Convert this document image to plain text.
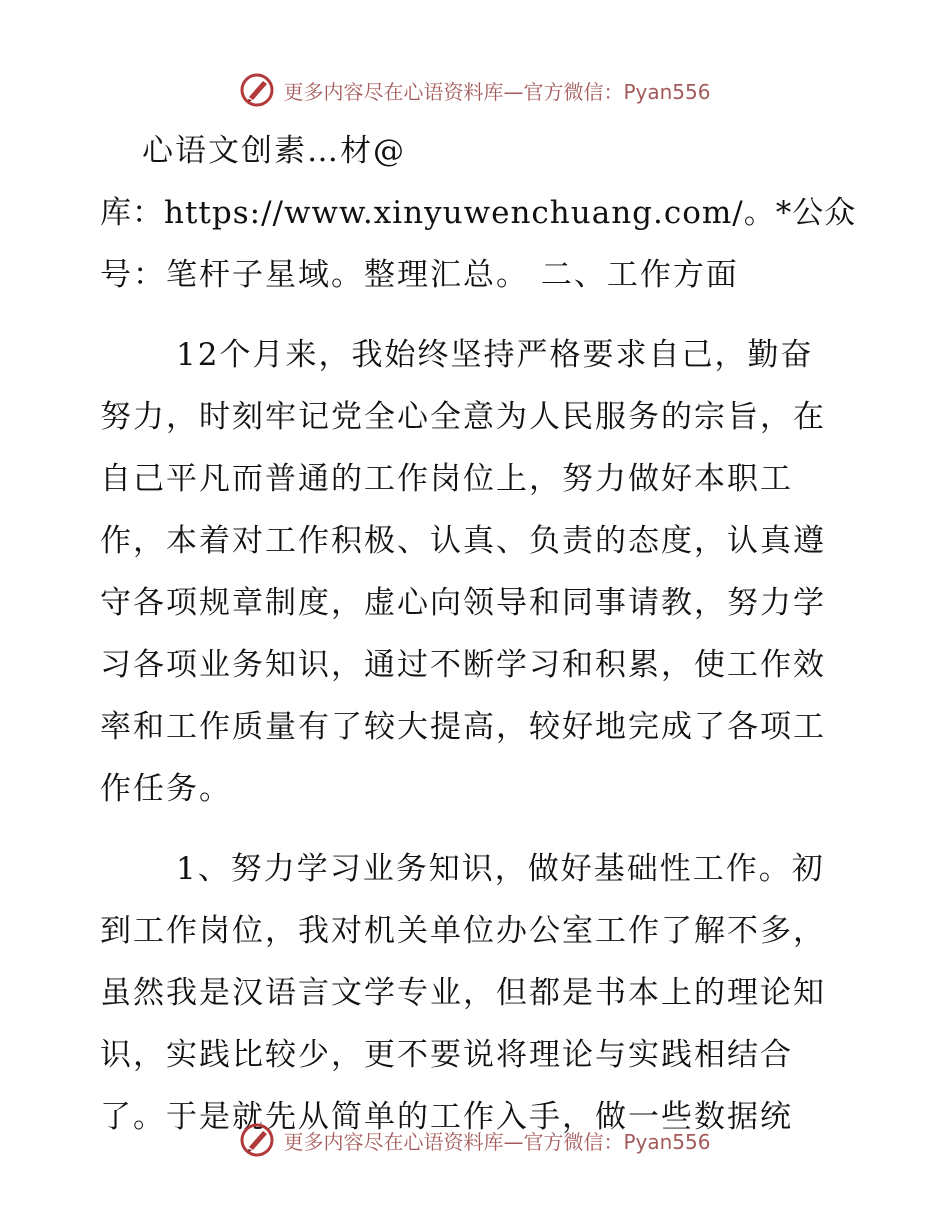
更多内容尽在心语资料库—官方微信：Pyan556
心语文创素…材@
库：https://www.xinyuwenchuang.com/。*公众
号：笔杆子星域。整理汇总。 二、工作方面
12个月来，我始终坚持严格要求自己，勤奋
努力，时刻牢记党全心全意为人民服务的宗旨，在
自己平凡而普通的工作岗位上，努力做好本职工
作，本着对工作积极、认真、负责的态度，认真遵
守各项规章制度，虚心向领导和同事请教，努力学
习各项业务知识，通过不断学习和积累，使工作效
率和工作质量有了较大提高，较好地完成了各项工
作任务。
1、努力学习业务知识，做好基础性工作。初
到工作岗位，我对机关单位办公室工作了解不多，
虽然我是汉语言文学专业，但都是书本上的理论知
识，实践比较少，更不要说将理论与实践相结合
了。于是就先从简单的工作入手，做一些数据统
更多内容尽在心语资料库—官方微信：Pyan556
